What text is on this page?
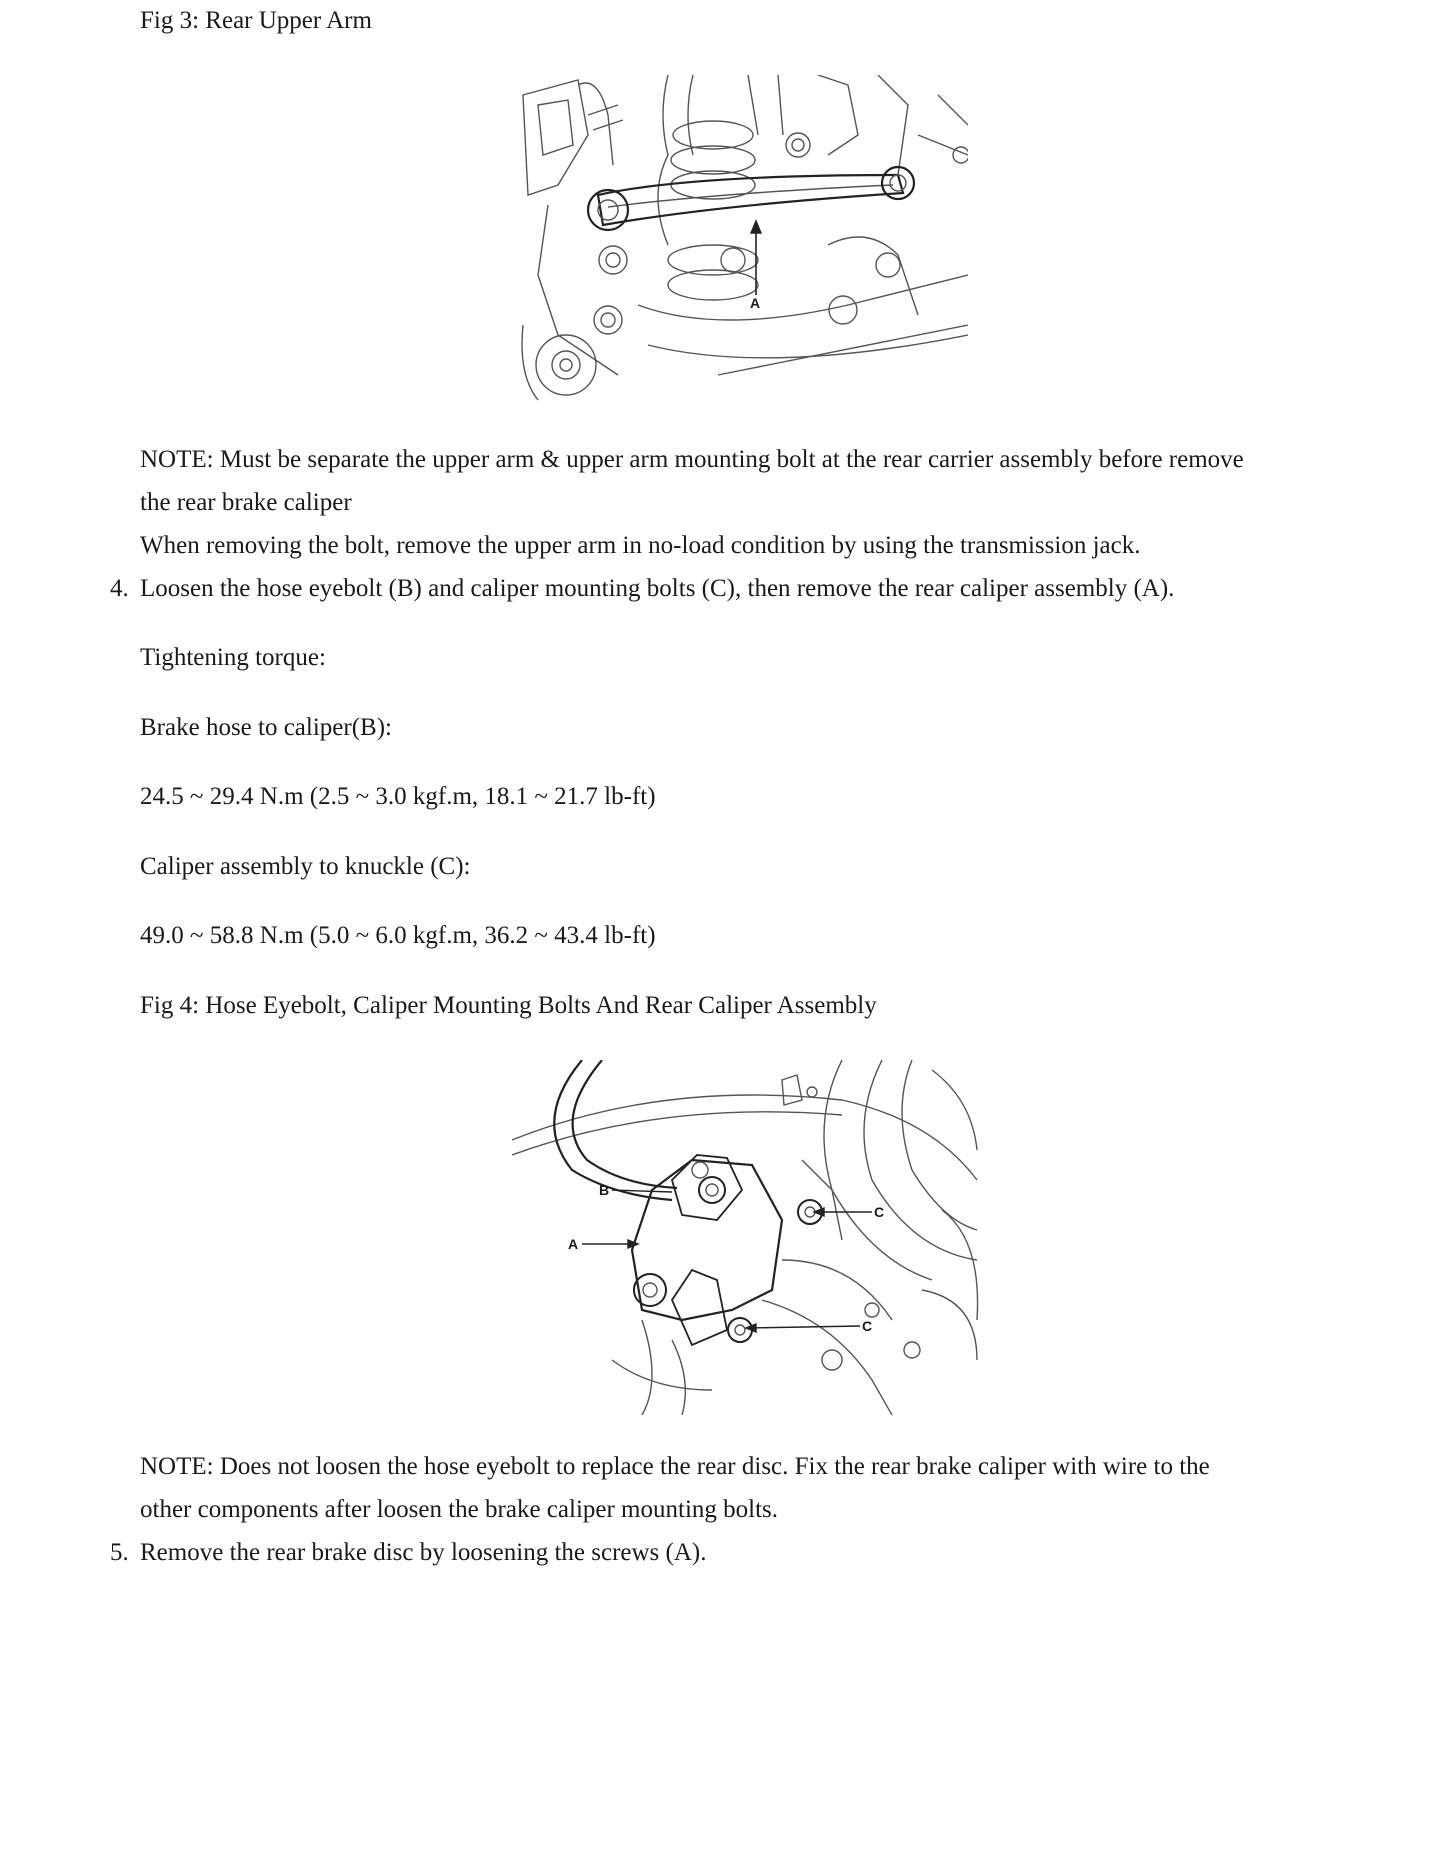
Fig 3: Rear Upper Arm
A
NOTE: Must be separate the upper arm & upper arm mounting bolt at the rear carrier assembly before remove
the rear brake caliper
When removing the bolt, remove the upper arm in no-load condition by using the transmission jack.
4. Loosen the hose eyebolt (B) and caliper mounting bolts (C), then remove the rear caliper assembly (A).
Tightening torque:
Brake hose to caliper(B):
24.5 ~ 29.4 N.m (2.5 ~ 3.0 kgf.m, 18.1 ~ 21.7 lb-ft)
Caliper assembly to knuckle (C):
49.0 ~ 58.8 N.m (5.0 ~ 6.0 kgf.m, 36.2 ~ 43.4 lb-ft)
Fig 4: Hose Eyebolt, Caliper Mounting Bolts And Rear Caliper Assembly
B
A
C
C
NOTE: Does not loosen the hose eyebolt to replace the rear disc. Fix the rear brake caliper with wire to the
other components after loosen the brake caliper mounting bolts.
5. Remove the rear brake disc by loosening the screws (A).
